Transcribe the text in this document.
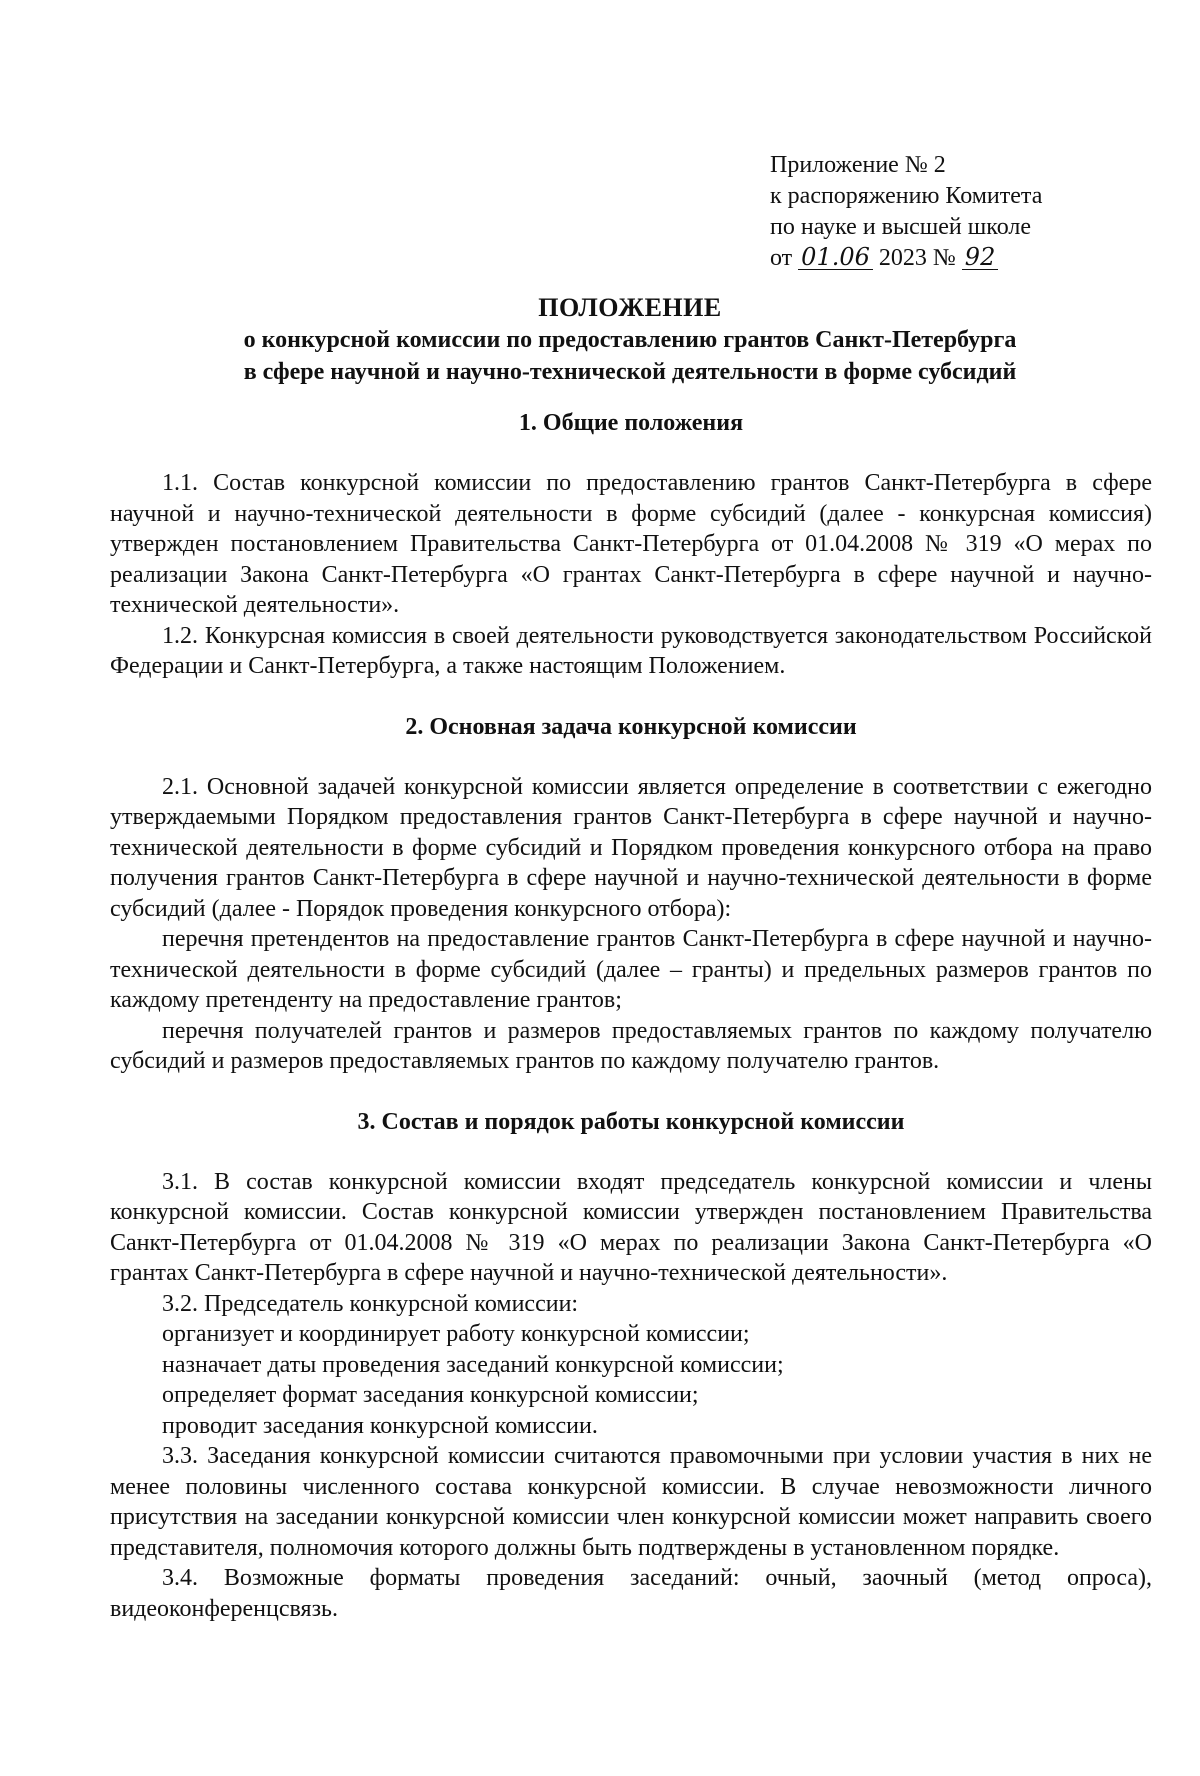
Приложение № 2
к распоряжению Комитета
по науке и высшей школе
от 01.06 2023 № 92
ПОЛОЖЕНИЕ
о конкурсной комиссии по предоставлению грантов Санкт-Петербурга
в сфере научной и научно-технической деятельности в форме субсидий
1. Общие положения

1.1. Состав конкурсной комиссии по предоставлению грантов Санкт-Петербурга в сфере научной и научно-технической деятельности в форме субсидий (далее - конкурсная комиссия) утвержден постановлением Правительства Санкт-Петербурга от 01.04.2008 № 319 «О мерах по реализации Закона Санкт-Петербурга «О грантах Санкт-Петербурга в сфере научной и научно-технической деятельности».

1.2. Конкурсная комиссия в своей деятельности руководствуется законодательством Российской Федерации и Санкт-Петербурга, а также настоящим Положением.

2. Основная задача конкурсной комиссии

2.1. Основной задачей конкурсной комиссии является определение в соответствии с ежегодно утверждаемыми Порядком предоставления грантов Санкт-Петербурга в сфере научной и научно-технической деятельности в форме субсидий и Порядком проведения конкурсного отбора на право получения грантов Санкт-Петербурга в сфере научной и научно-технической деятельности в форме субсидий (далее - Порядок проведения конкурсного отбора):

перечня претендентов на предоставление грантов Санкт-Петербурга в сфере научной и научно-технической деятельности в форме субсидий (далее – гранты) и предельных размеров грантов по каждому претенденту на предоставление грантов;

перечня получателей грантов и размеров предоставляемых грантов по каждому получателю субсидий и размеров предоставляемых грантов по каждому получателю грантов.

3. Состав и порядок работы конкурсной комиссии

3.1. В состав конкурсной комиссии входят председатель конкурсной комиссии и члены конкурсной комиссии. Состав конкурсной комиссии утвержден постановлением Правительства Санкт-Петербурга от 01.04.2008 № 319 «О мерах по реализации Закона Санкт-Петербурга «О грантах Санкт-Петербурга в сфере научной и научно-технической деятельности».

3.2. Председатель конкурсной комиссии:

организует и координирует работу конкурсной комиссии;

назначает даты проведения заседаний конкурсной комиссии;

определяет формат заседания конкурсной комиссии;

проводит заседания конкурсной комиссии.

3.3. Заседания конкурсной комиссии считаются правомочными при условии участия в них не менее половины численного состава конкурсной комиссии. В случае невозможности личного присутствия на заседании конкурсной комиссии член конкурсной комиссии может направить своего представителя, полномочия которого должны быть подтверждены в установленном порядке.

3.4. Возможные форматы проведения заседаний: очный, заочный (метод опроса), видеоконференцсвязь.
